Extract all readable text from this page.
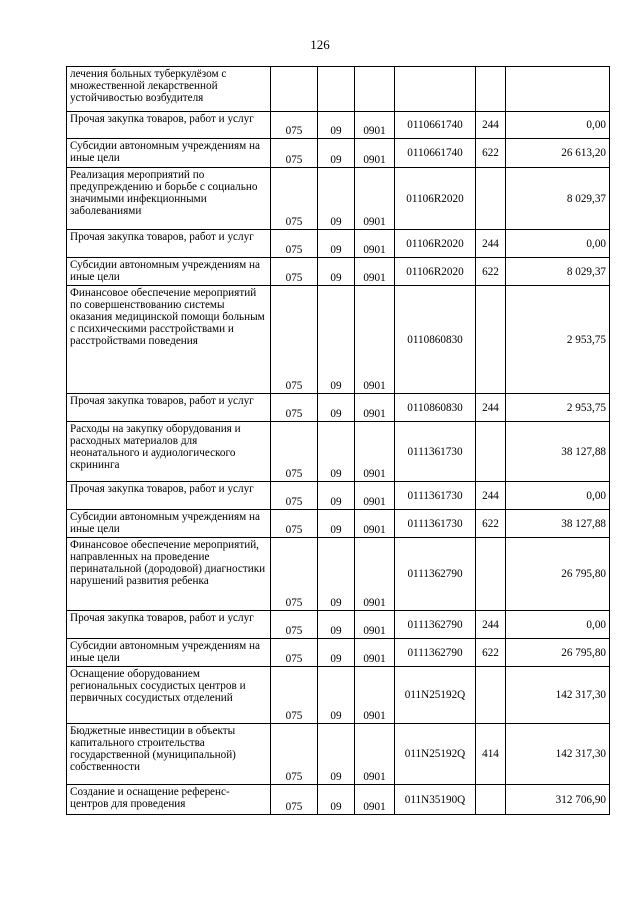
126
лечения больных туберкулёзом с множественной лекарственной устойчивостью возбудителя						
Прочая закупка товаров, работ и услуг	075	09	0901	0110661740	244	0,00
Субсидии автономным учреждениям на иные цели	075	09	0901	0110661740	622	26 613,20
Реализация мероприятий по предупреждению и борьбе с социально значимыми инфекционными заболеваниями	075	09	0901	01106R2020		8 029,37
Прочая закупка товаров, работ и услуг	075	09	0901	01106R2020	244	0,00
Субсидии автономным учреждениям на иные цели	075	09	0901	01106R2020	622	8 029,37
Финансовое обеспечение мероприятий по совершенствованию системы оказания медицинской помощи больным с психическими расстройствами и расстройствами поведения	075	09	0901	0110860830		2 953,75
Прочая закупка товаров, работ и услуг	075	09	0901	0110860830	244	2 953,75
Расходы на закупку оборудования и расходных материалов для неонатального и аудиологического скрининга	075	09	0901	0111361730		38 127,88
Прочая закупка товаров, работ и услуг	075	09	0901	0111361730	244	0,00
Субсидии автономным учреждениям на иные цели	075	09	0901	0111361730	622	38 127,88
Финансовое обеспечение мероприятий, направленных на проведение перинатальной (дородовой) диагностики нарушений развития ребенка	075	09	0901	0111362790		26 795,80
Прочая закупка товаров, работ и услуг	075	09	0901	0111362790	244	0,00
Субсидии автономным учреждениям на иные цели	075	09	0901	0111362790	622	26 795,80
Оснащение оборудованием региональных сосудистых центров и первичных сосудистых отделений	075	09	0901	011N25192Q		142 317,30
Бюджетные инвестиции в объекты капитального строительства государственной (муниципальной) собственности	075	09	0901	011N25192Q	414	142 317,30
Создание и оснащение референс-центров для проведения	075	09	0901	011N35190Q		312 706,90
